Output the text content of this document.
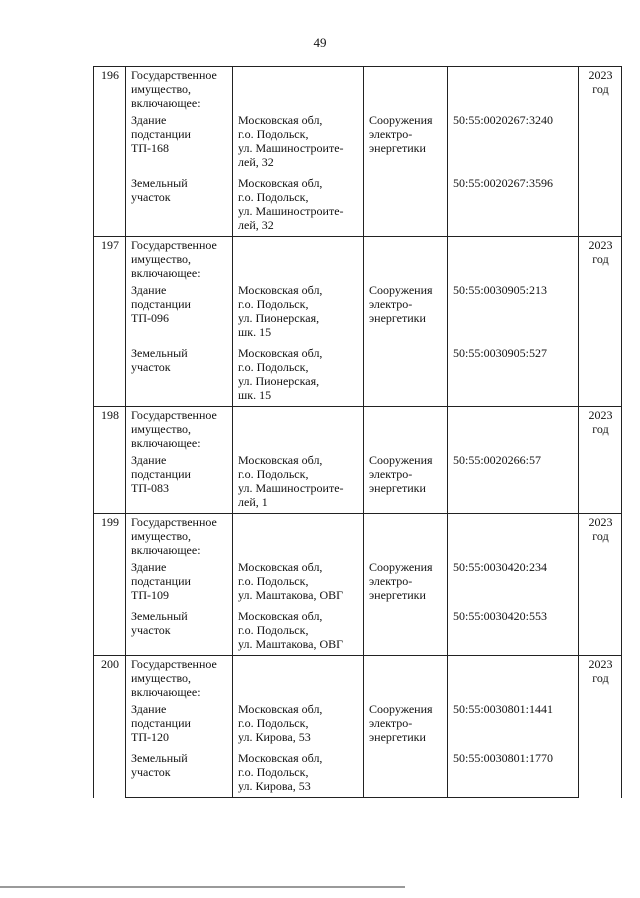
49
196	Государственное
имущество,
включающее:				2023
год
	Здание
подстанции
ТП-168	Московская обл,
г.о. Подольск,
ул. Машиностроите-
лей, 32	Сооружения
электро-
энергетики	50:55:0020267:3240	
	Земельный
участок	Московская обл,
г.о. Подольск,
ул. Машиностроите-
лей, 32		50:55:0020267:3596	
197	Государственное
имущество,
включающее:				2023
год
	Здание
подстанции
ТП-096	Московская обл,
г.о. Подольск,
ул. Пионерская,
шк. 15	Сооружения
электро-
энергетики	50:55:0030905:213	
	Земельный
участок	Московская обл,
г.о. Подольск,
ул. Пионерская,
шк. 15		50:55:0030905:527	
198	Государственное
имущество,
включающее:				2023
год
	Здание
подстанции
ТП-083	Московская обл,
г.о. Подольск,
ул. Машиностроите-
лей, 1	Сооружения
электро-
энергетики	50:55:0020266:57	
199	Государственное
имущество,
включающее:				2023
год
	Здание
подстанции
ТП-109	Московская обл,
г.о. Подольск,
ул. Маштакова, ОВГ	Сооружения
электро-
энергетики	50:55:0030420:234	
	Земельный
участок	Московская обл,
г.о. Подольск,
ул. Маштакова, ОВГ		50:55:0030420:553	
200	Государственное
имущество,
включающее:				2023
год
	Здание
подстанции
ТП-120	Московская обл,
г.о. Подольск,
ул. Кирова, 53	Сооружения
электро-
энергетики	50:55:0030801:1441	
	Земельный
участок	Московская обл,
г.о. Подольск,
ул. Кирова, 53		50:55:0030801:1770	
